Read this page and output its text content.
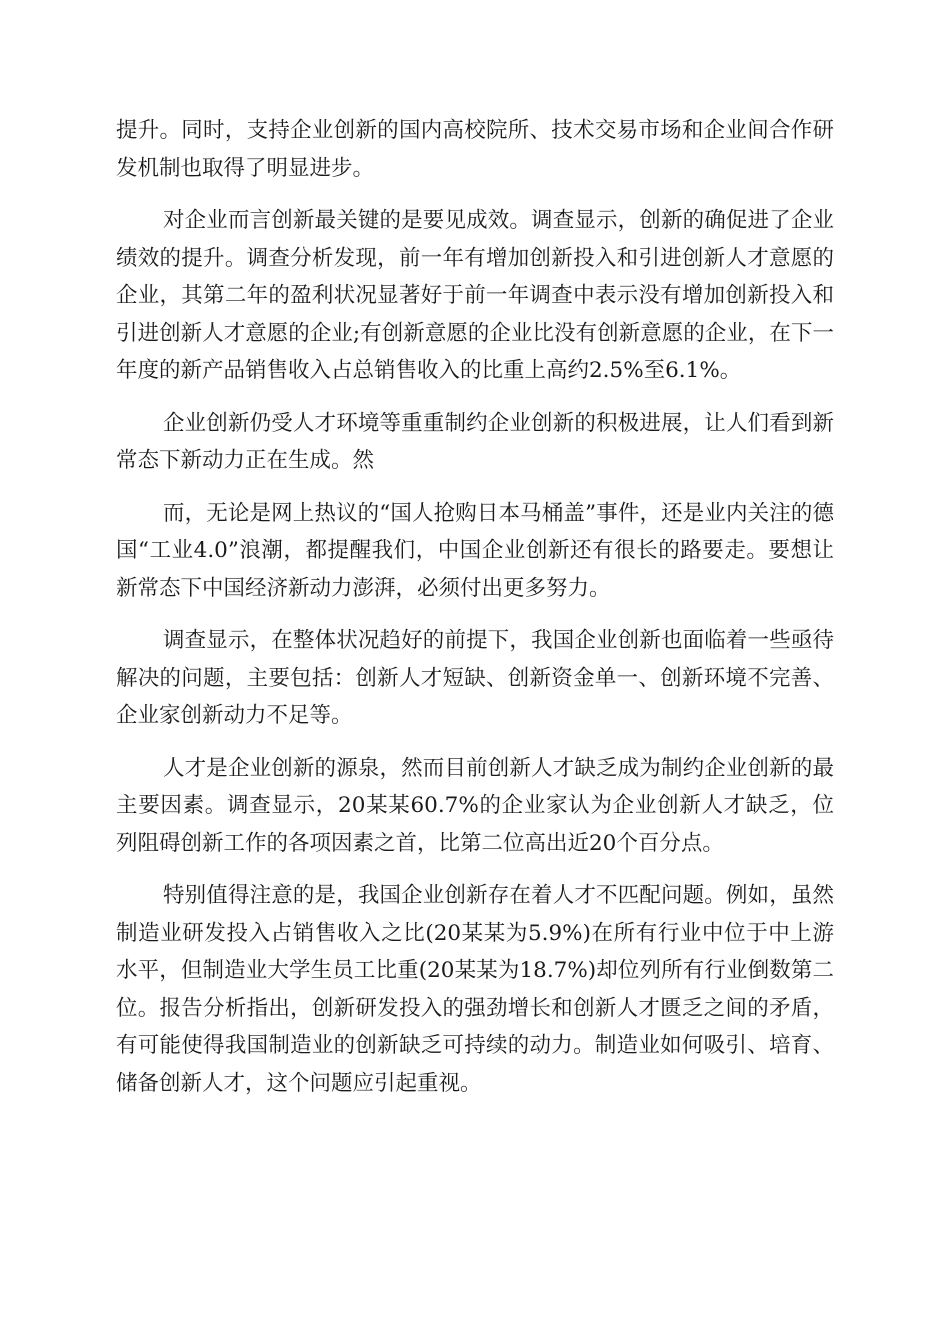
提升。同时，支持企业创新的国内高校院所、技术交易市场和企业间合作研发机制也取得了明显进步。

对企业而言创新最关键的是要见成效。调查显示，创新的确促进了企业绩效的提升。调查分析发现，前一年有增加创新投入和引进创新人才意愿的企业，其第二年的盈利状况显著好于前一年调查中表示没有增加创新投入和引进创新人才意愿的企业;有创新意愿的企业比没有创新意愿的企业，在下一年度的新产品销售收入占总销售收入的比重上高约2.5%至6.1%。

企业创新仍受人才环境等重重制约企业创新的积极进展，让人们看到新常态下新动力正在生成。然

而，无论是网上热议的“国人抢购日本马桶盖”事件，还是业内关注的德国“工业4.0”浪潮，都提醒我们，中国企业创新还有很长的路要走。要想让新常态下中国经济新动力澎湃，必须付出更多努力。

调查显示，在整体状况趋好的前提下，我国企业创新也面临着一些亟待解决的问题，主要包括：创新人才短缺、创新资金单一、创新环境不完善、企业家创新动力不足等。

人才是企业创新的源泉，然而目前创新人才缺乏成为制约企业创新的最主要因素。调查显示，20某某60.7%的企业家认为企业创新人才缺乏，位列阻碍创新工作的各项因素之首，比第二位高出近20个百分点。

特别值得注意的是，我国企业创新存在着人才不匹配问题。例如，虽然制造业研发投入占销售收入之比(20某某为5.9%)在所有行业中位于中上游水平，但制造业大学生员工比重(20某某为18.7%)却位列所有行业倒数第二位。报告分析指出，创新研发投入的强劲增长和创新人才匮乏之间的矛盾，有可能使得我国制造业的创新缺乏可持续的动力。制造业如何吸引、培育、储备创新人才，这个问题应引起重视。
